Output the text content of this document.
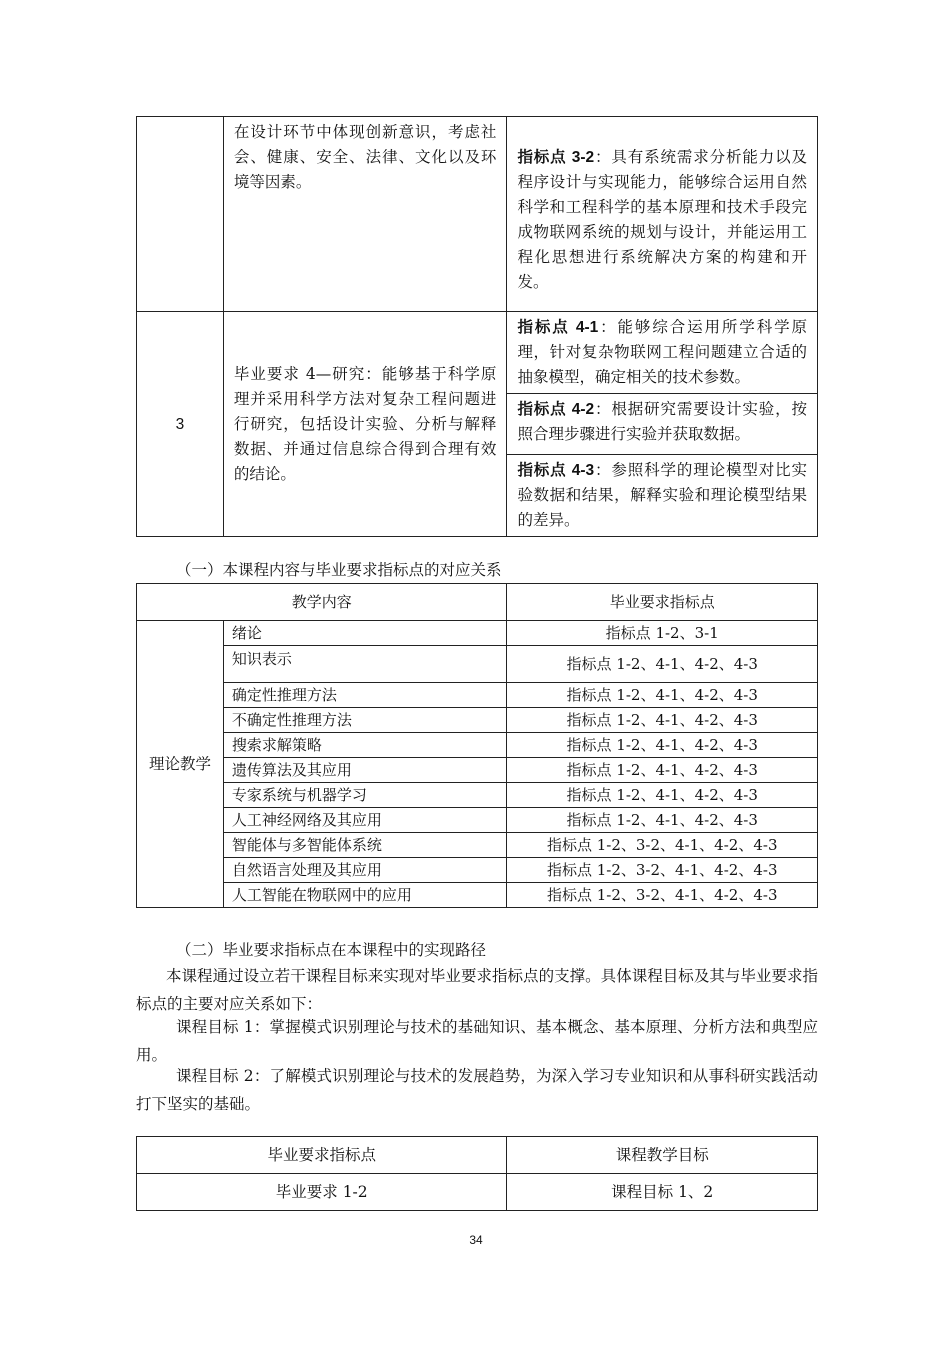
	在设计环节中体现创新意识，考虑社会、健康、安全、法律、文化以及环境等因素。	指标点 3-2：具有系统需求分析能力以及程序设计与实现能力，能够综合运用自然科学和工程科学的基本原理和技术手段完成物联网系统的规划与设计，并能运用工程化思想进行系统解决方案的构建和开发。
3	毕业要求 4—研究：能够基于科学原理并采用科学方法对复杂工程问题进行研究，包括设计实验、分析与解释数据、并通过信息综合得到合理有效的结论。	指标点 4-1：能够综合运用所学科学原理，针对复杂物联网工程问题建立合适的抽象模型，确定相关的技术参数。
		指标点 4-2：根据研究需要设计实验，按照合理步骤进行实验并获取数据。
		指标点 4-3：参照科学的理论模型对比实验数据和结果，解释实验和理论模型结果的差异。
（一）本课程内容与毕业要求指标点的对应关系
教学内容		毕业要求指标点
理论教学	绪论	指标点 1-2、3-1
	知识表示	指标点 1-2、4-1、4-2、4-3
	确定性推理方法	指标点 1-2、4-1、4-2、4-3
	不确定性推理方法	指标点 1-2、4-1、4-2、4-3
	搜索求解策略	指标点 1-2、4-1、4-2、4-3
	遗传算法及其应用	指标点 1-2、4-1、4-2、4-3
	专家系统与机器学习	指标点 1-2、4-1、4-2、4-3
	人工神经网络及其应用	指标点 1-2、4-1、4-2、4-3
	智能体与多智能体系统	指标点 1-2、3-2、4-1、4-2、4-3
	自然语言处理及其应用	指标点 1-2、3-2、4-1、4-2、4-3
	人工智能在物联网中的应用	指标点 1-2、3-2、4-1、4-2、4-3
（二）毕业要求指标点在本课程中的实现路径
本课程通过设立若干课程目标来实现对毕业要求指标点的支撑。具体课程目标及其与毕业要求指标点的主要对应关系如下：
课程目标 1：掌握模式识别理论与技术的基础知识、基本概念、基本原理、分析方法和典型应用。
课程目标 2：了解模式识别理论与技术的发展趋势，为深入学习专业知识和从事科研实践活动打下坚实的基础。
毕业要求指标点	课程教学目标
毕业要求 1-2	课程目标 1、2
34
